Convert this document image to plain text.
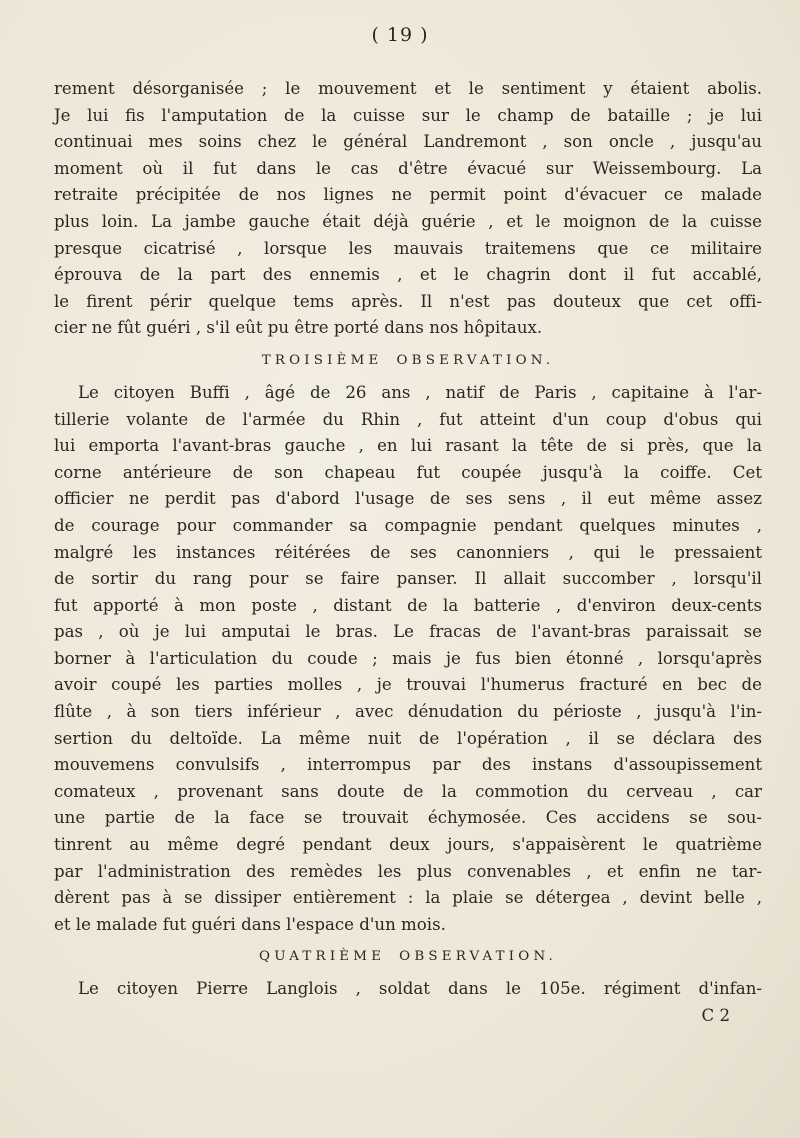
( 19 )

rement désorganisée ; le mouvement et le sentiment y étaient abolis.

Je lui fis l'amputation de la cuisse sur le champ de bataille ; je lui

continuai mes soins chez le général Landremont , son oncle , jusqu'au

moment où il fut dans le cas d'être évacué sur Weissembourg. La

retraite précipitée de nos lignes ne permit point d'évacuer ce malade

plus loin. La jambe gauche était déjà guérie , et le moignon de la cuisse

presque cicatrisé , lorsque les mauvais traitemens que ce militaire

éprouva de la part des ennemis , et le chagrin dont il fut accablé,

le firent périr quelque tems après. Il n'est pas douteux que cet offi-

cier ne fût guéri , s'il eût pu être porté dans nos hôpitaux.

TROISIÈME OBSERVATION.

Le citoyen Buffi , âgé de 26 ans , natif de Paris , capitaine à l'ar-

tillerie volante de l'armée du Rhin , fut atteint d'un coup d'obus qui

lui emporta l'avant-bras gauche , en lui rasant la tête de si près, que la

corne antérieure de son chapeau fut coupée jusqu'à la coiffe. Cet

officier ne perdit pas d'abord l'usage de ses sens , il eut même assez

de courage pour commander sa compagnie pendant quelques minutes ,

malgré les instances réitérées de ses canonniers , qui le pressaient

de sortir du rang pour se faire panser. Il allait succomber , lorsqu'il

fut apporté à mon poste , distant de la batterie , d'environ deux-cents

pas , où je lui amputai le bras. Le fracas de l'avant-bras paraissait se

borner à l'articulation du coude ; mais je fus bien étonné , lorsqu'après

avoir coupé les parties molles , je trouvai l'humerus fracturé en bec de

flûte , à son tiers inférieur , avec dénudation du périoste , jusqu'à l'in-

sertion du deltoïde. La même nuit de l'opération , il se déclara des

mouvemens convulsifs , interrompus par des instans d'assoupissement

comateux , provenant sans doute de la commotion du cerveau , car

une partie de la face se trouvait échymosée. Ces accidens se sou-

tinrent au même degré pendant deux jours, s'appaisèrent le quatrième

par l'administration des remèdes les plus convenables , et enfin ne tar-

dèrent pas à se dissiper entièrement : la plaie se détergea , devint belle ,

et le malade fut guéri dans l'espace d'un mois.

QUATRIÈME OBSERVATION.

Le citoyen Pierre Langlois , soldat dans le 105e. régiment d'infan-

C 2
